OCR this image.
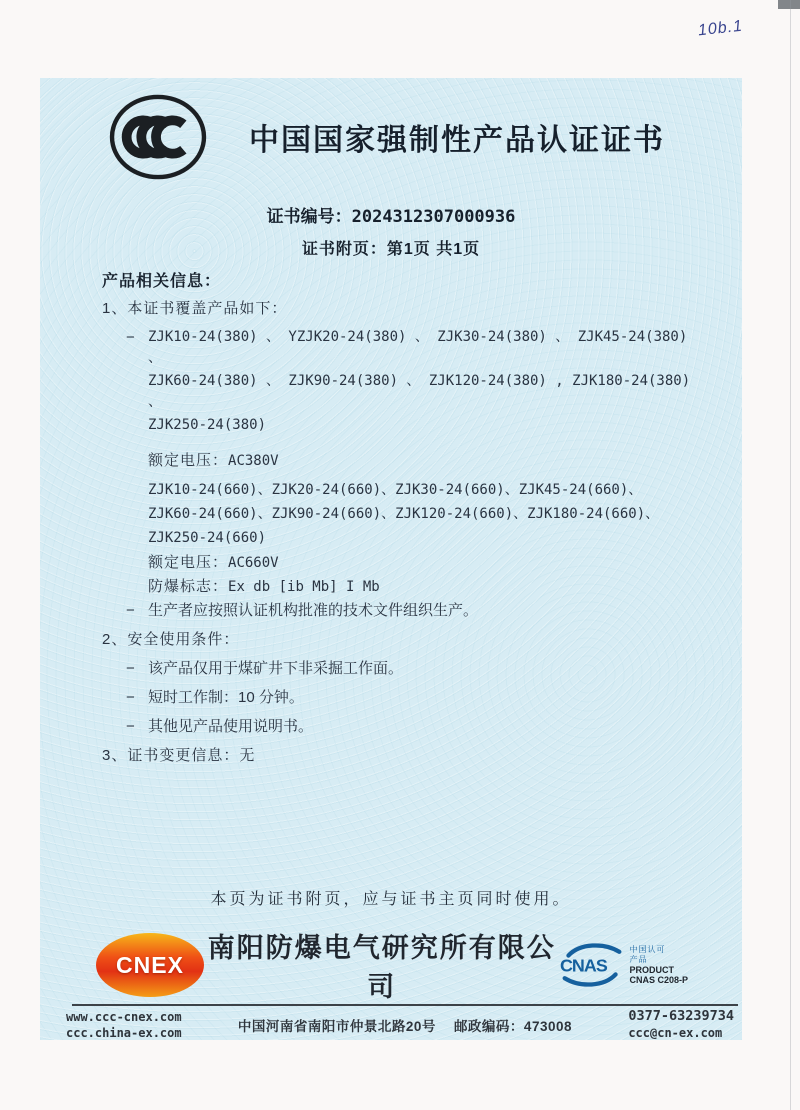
10b.1
中国国家强制性产品认证证书
证书编号：2024312307000936
证书附页：第1页 共1页
产品相关信息：
1、本证书覆盖产品如下：
− ZJK10-24(380) 、 YZJK20-24(380) 、 ZJK30-24(380) 、 ZJK45-24(380) 、
ZJK60-24(380) 、 ZJK90-24(380) 、 ZJK120-24(380) , ZJK180-24(380) 、
ZJK250-24(380)
额定电压：AC380V
ZJK10-24(660)、ZJK20-24(660)、ZJK30-24(660)、ZJK45-24(660)、
ZJK60-24(660)、ZJK90-24(660)、ZJK120-24(660)、ZJK180-24(660)、
ZJK250-24(660)
额定电压：AC660V
防爆标志：Ex db [ib Mb] I Mb
− 生产者应按照认证机构批准的技术文件组织生产。
2、安全使用条件：
− 该产品仅用于煤矿井下非采掘工作面。
− 短时工作制：10 分钟。
− 其他见产品使用说明书。
3、证书变更信息：无
本页为证书附页，应与证书主页同时使用。
CNEX
南阳防爆电气研究所有限公司
CNAS
中国认可
产品
PRODUCT
CNAS C208-P
www.ccc-cnex.com
ccc.china-ex.com	中国河南省南阳市仲景北路20号 邮政编码：473008
0377-63239734
ccc@cn-ex.com
